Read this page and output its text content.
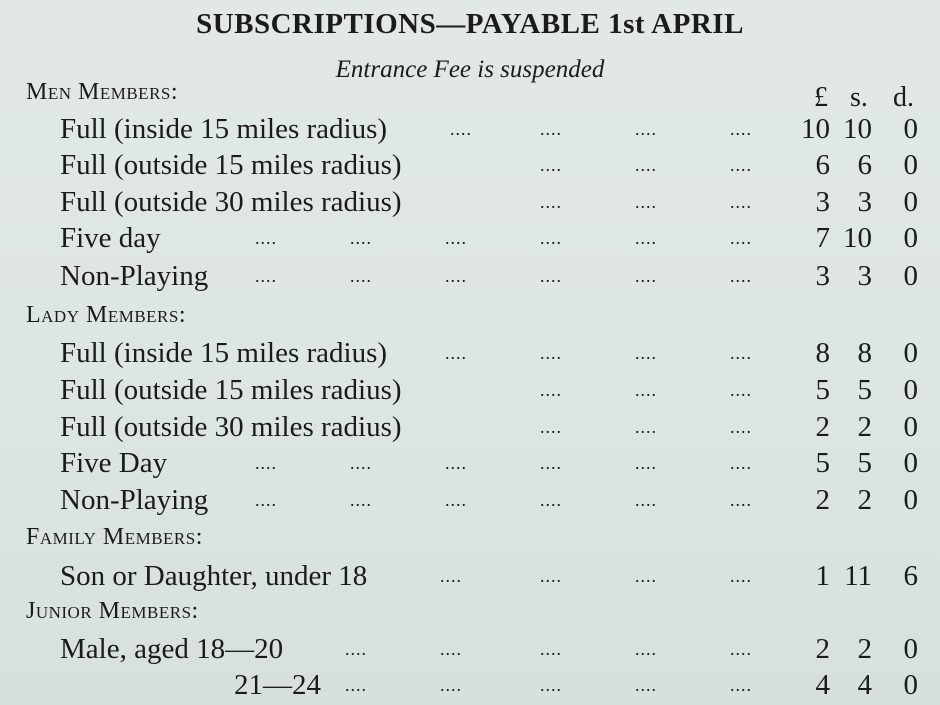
SUBSCRIPTIONS—PAYABLE 1st APRIL
Entrance Fee is suspended
£ s. d.
Men Members:
Full (inside 15 miles radius)	....	....	....	....	10 10	0
Full (outside 15 miles radius)	....	....	....	6 6	0
Full (outside 30 miles radius)	....	....	....	3 3	0
Five day	....	....	....	....	....	....	7 10	0
Non-Playing	....	....	....	....	....	....	3 3	0
Lady Members:
Full (inside 15 miles radius)	....	....	....	....	8 8	0
Full (outside 15 miles radius)	....	....	....	5 5	0
Full (outside 30 miles radius)	....	....	....	2 2	0
Five Day	....	....	....	....	....	....	5 5	0
Non-Playing	....	....	....	....	....	....	2 2	0
Family Members:
Son or Daughter, under 18	....	....	....	....	1 11	6
Junior Members:
Male, aged 18—20	....	....	....	....	....	2 2	0
21—24 ....	....	....	....	....	4 4	0
